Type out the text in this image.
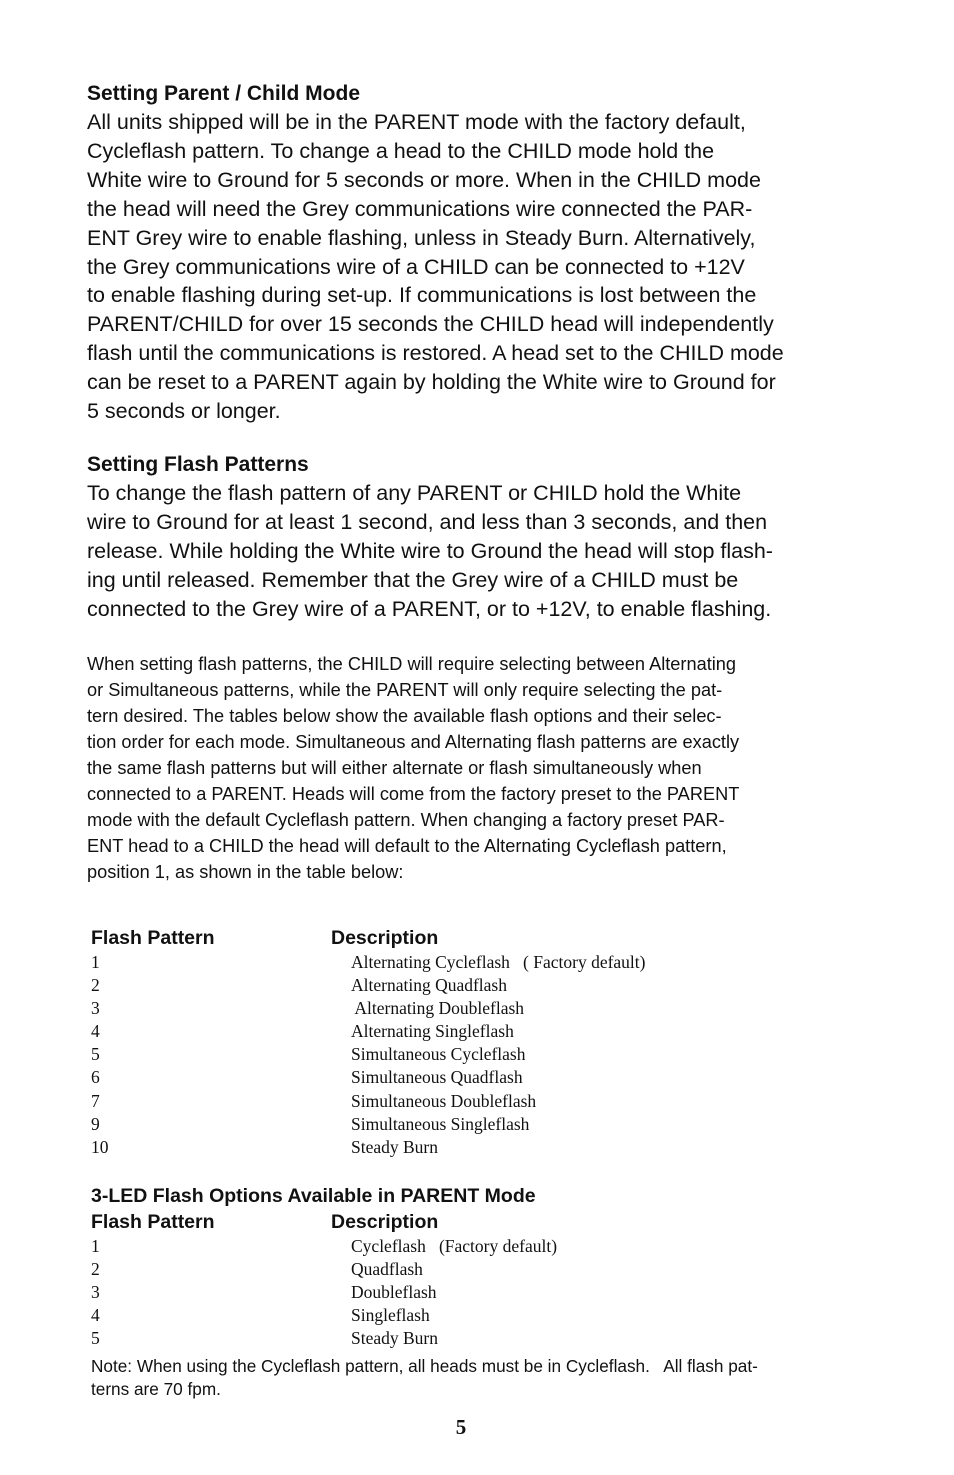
Setting Parent / Child Mode

All units shipped will be in the PARENT mode with the factory default,
Cycleflash pattern. To change a head to the CHILD mode hold the
White wire to Ground for 5 seconds or more. When in the CHILD mode
the head will need the Grey communications wire connected the PAR-
ENT Grey wire to enable flashing, unless in Steady Burn. Alternatively,
the Grey communications wire of a CHILD can be connected to +12V
to enable flashing during set-up. If communications is lost between the
PARENT/CHILD for over 15 seconds the CHILD head will independently
flash until the communications is restored. A head set to the CHILD mode
can be reset to a PARENT again by holding the White wire to Ground for
5 seconds or longer.

Setting Flash Patterns

To change the flash pattern of any PARENT or CHILD hold the White
wire to Ground for at least 1 second, and less than 3 seconds, and then
release. While holding the White wire to Ground the head will stop flash-
ing until released. Remember that the Grey wire of a CHILD must be
connected to the Grey wire of a PARENT, or to +12V, to enable flashing.

When setting flash patterns, the CHILD will require selecting between Alternating
or Simultaneous patterns, while the PARENT will only require selecting the pat-
tern desired. The tables below show the available flash options and their selec-
tion order for each mode. Simultaneous and Alternating flash patterns are exactly
the same flash patterns but will either alternate or flash simultaneously when
connected to a PARENT. Heads will come from the factory preset to the PARENT
mode with the default Cycleflash pattern. When changing a factory preset PAR-
ENT head to a CHILD the head will default to the Alternating Cycleflash pattern,
position 1, as shown in the table below:

Flash Pattern	Description
1	Alternating Cycleflash   ( Factory default)
2	Alternating Quadflash
3	Alternating Doubleflash
4	Alternating Singleflash
5	Simultaneous Cycleflash
6	Simultaneous Quadflash
7	Simultaneous Doubleflash
9	Simultaneous Singleflash
10	Steady Burn
3-LED Flash Options Available in PARENT Mode
Flash Pattern	Description
1	Cycleflash   (Factory default)
2	Quadflash
3	Doubleflash
4	Singleflash
5	Steady Burn
Note: When using the Cycleflash pattern, all heads must be in Cycleflash.   All flash pat-
terns are 70 fpm.
5
